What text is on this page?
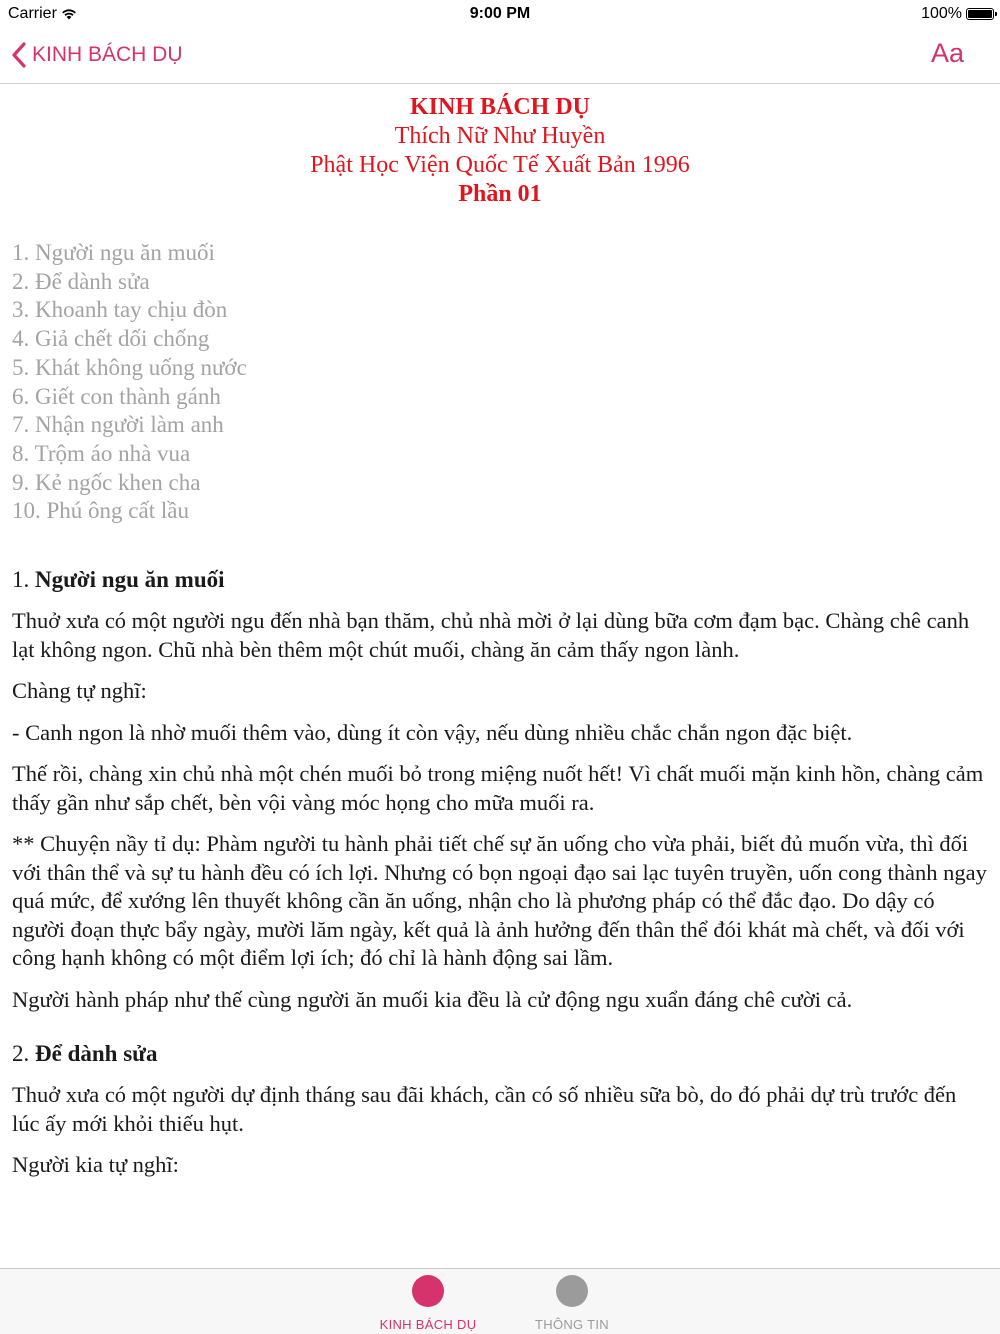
Carrier	9:00 PM	100%
KINH BÁCH DỤ	Aa
KINH BÁCH DỤ
Thích Nữ Như Huyền
Phật Học Viện Quốc Tế Xuất Bản 1996
Phần 01
1. Người ngu ăn muối
2. Để dành sửa
3. Khoanh tay chịu đòn
4. Giả chết dối chống
5. Khát không uống nước
6. Giết con thành gánh
7. Nhận người làm anh
8. Trộm áo nhà vua
9. Kẻ ngốc khen cha
10. Phú ông cất lầu
1. Người ngu ăn muối

Thuở xưa có một người ngu đến nhà bạn thăm, chủ nhà mời ở lại dùng bữa cơm đạm bạc. Chàng chê canh lạt không ngon. Chũ nhà bèn thêm một chút muối, chàng ăn cảm thấy ngon lành.

Chàng tự nghĩ:

- Canh ngon là nhờ muối thêm vào, dùng ít còn vậy, nếu dùng nhiều chắc chắn ngon đặc biệt.

Thế rồi, chàng xin chủ nhà một chén muối bỏ trong miệng nuốt hết! Vì chất muối mặn kinh hồn, chàng cảm thấy gần như sắp chết, bèn vội vàng móc họng cho mữa muối ra.

** Chuyện nầy tỉ dụ: Phàm người tu hành phải tiết chế sự ăn uống cho vừa phải, biết đủ muốn vừa, thì đối với thân thể và sự tu hành đều có ích lợi. Nhưng có bọn ngoại đạo sai lạc tuyên truyền, uốn cong thành ngay quá mức, để xướng lên thuyết không cần ăn uống, nhận cho là phương pháp có thể đắc đạo. Do dậy có người đoạn thực bẩy ngày, mười lăm ngày, kết quả là ảnh hưởng đến thân thể đói khát mà chết, và đối với công hạnh không có một điểm lợi ích; đó chỉ là hành động sai lầm.

Người hành pháp như thế cùng người ăn muối kia đều là cử động ngu xuẩn đáng chê cười cả.

2. Để dành sửa

Thuở xưa có một người dự định tháng sau đãi khách, cần có số nhiều sữa bò, do đó phải dự trù trước đến lúc ấy mới khỏi thiếu hụt.

Người kia tự nghĩ:

KINH BÁCH DỤ	THÔNG TIN
